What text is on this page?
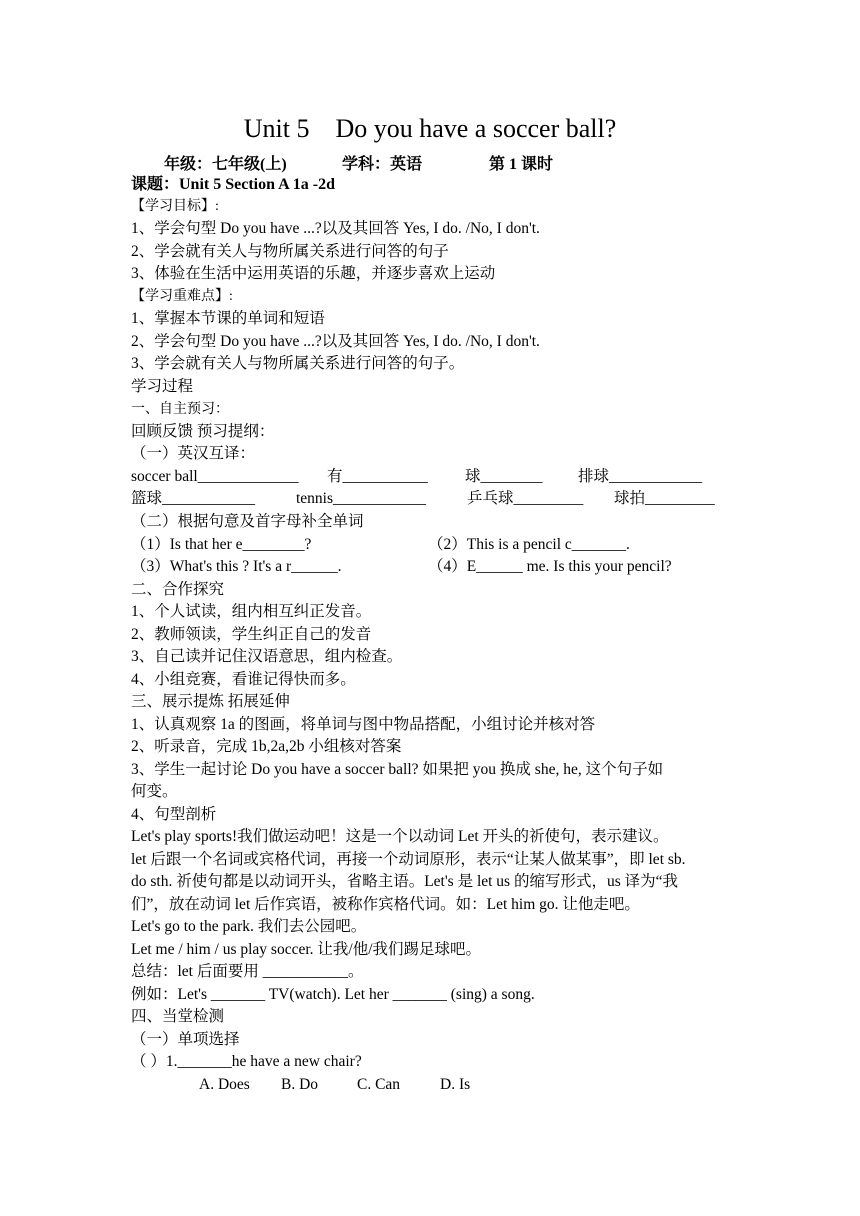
Unit 5    Do you have a soccer ball?
年级：七年级(上)	学科：英语	第 1 课时
课题：Unit 5 Section A 1a -2d
【学习目标】:
1、学会句型 Do you have ...?以及其回答 Yes, I do. /No, I don't.
2、学会就有关人与物所属关系进行问答的句子
3、体验在生活中运用英语的乐趣，并逐步喜欢上运动
【学习重难点】:
1、掌握本节课的单词和短语
2、学会句型 Do you have ...?以及其回答 Yes, I do. /No, I don't.
3、学会就有关人与物所属关系进行问答的句子。
学习过程
一、自主预习：
回顾反馈 预习提纲：
（一）英汉互译：
soccer ball_____________ 有___________ 球________ 排球____________
篮球____________	tennis____________	乒乓球_________ 球拍_________
（二）根据句意及首字母补全单词
（1）Is that her e________?	（2）This is a pencil c_______.
（3）What's this ? It's a r______.	（4）E______ me. Is this your pencil?
二、合作探究
1、个人试读，组内相互纠正发音。
2、教师领读，学生纠正自己的发音
3、自己读并记住汉语意思，组内检查。
4、小组竞赛，看谁记得快而多。
三、展示提炼 拓展延伸
1、认真观察 1a 的图画，将单词与图中物品搭配，小组讨论并核对答
2、听录音，完成 1b,2a,2b 小组核对答案
3、学生一起讨论 Do you have a soccer ball? 如果把 you 换成 she, he, 这个句子如
何变。
4、句型剖析
Let's play sports!我们做运动吧！这是一个以动词 Let 开头的祈使句，表示建议。
let 后跟一个名词或宾格代词，再接一个动词原形，表示“让某人做某事”，即 let sb.
do sth. 祈使句都是以动词开头，省略主语。Let's 是 let us 的缩写形式，us 译为“我
们”，放在动词 let 后作宾语，被称作宾格代词。如：Let him go. 让他走吧。
Let's go to the park. 我们去公园吧。
Let me / him / us play soccer. 让我/他/我们踢足球吧。
总结：let 后面要用 ___________。
例如：Let's _______ TV(watch). Let her _______ (sing) a song.
四、当堂检测
（一）单项选择
（ ）1._______he have a new chair?
A. Does B. Do	C. Can	D. Is
